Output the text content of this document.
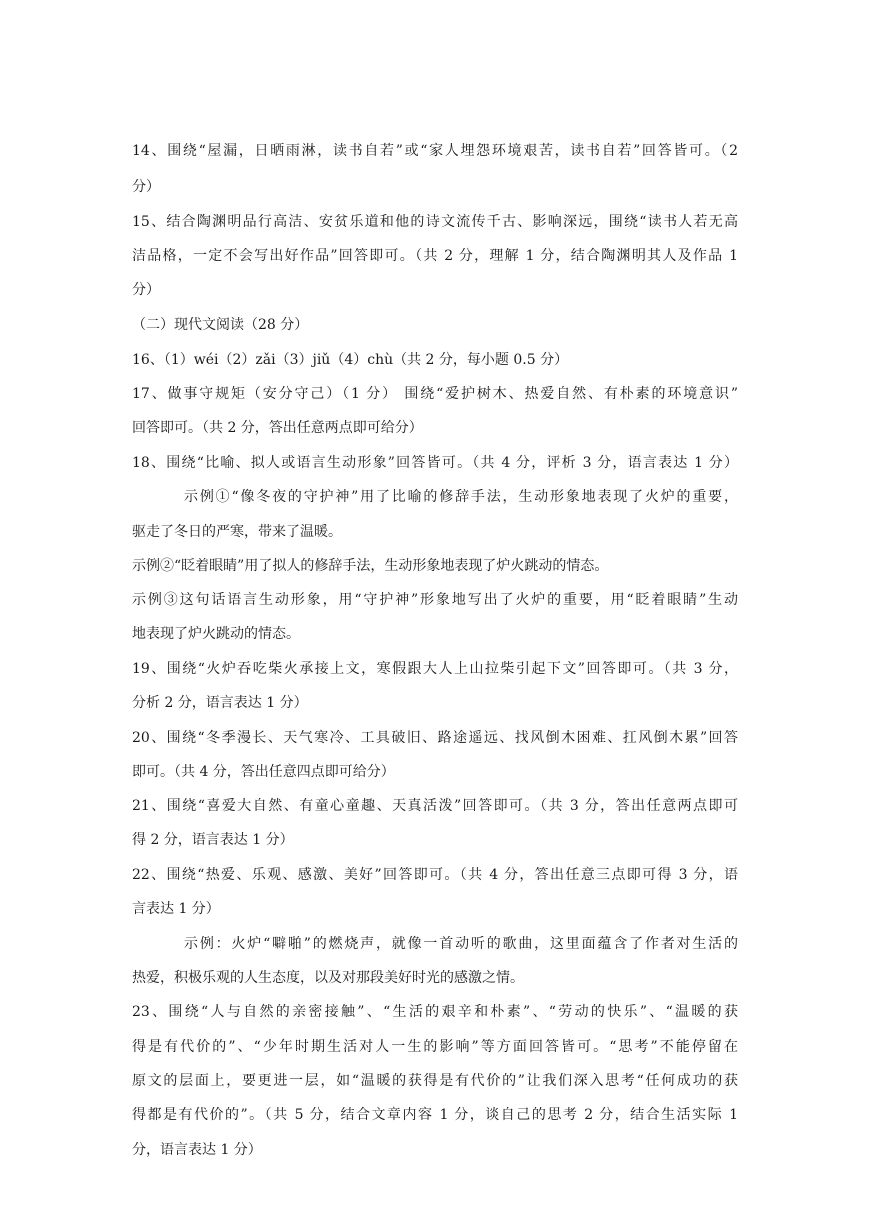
14、围绕“屋漏，日晒雨淋，读书自若”或“家人埋怨环境艰苦，读书自若”回答皆可。（2
分）
15、结合陶渊明品行高洁、安贫乐道和他的诗文流传千古、影响深远，围绕“读书人若无高
洁品格，一定不会写出好作品”回答即可。（共 2 分，理解 1 分，结合陶渊明其人及作品 1
分）
（二）现代文阅读（28 分）
16、（1）wéi（2）zǎi（3）jiǔ（4）chù（共 2 分，每小题 0.5 分）
17、做事守规矩（安分守己）（1 分） 围绕“爱护树木、热爱自然、有朴素的环境意识”
回答即可。（共 2 分，答出任意两点即可给分）
18、围绕“比喻、拟人或语言生动形象”回答皆可。（共 4 分，评析 3 分，语言表达 1 分）
示例①“像冬夜的守护神”用了比喻的修辞手法，生动形象地表现了火炉的重要，
驱走了冬日的严寒，带来了温暖。
示例②“眨着眼睛”用了拟人的修辞手法，生动形象地表现了炉火跳动的情态。
示例③这句话语言生动形象，用“守护神”形象地写出了火炉的重要，用“眨着眼睛”生动
地表现了炉火跳动的情态。
19、围绕“火炉吞吃柴火承接上文，寒假跟大人上山拉柴引起下文”回答即可。（共 3 分，
分析 2 分，语言表达 1 分）
20、围绕“冬季漫长、天气寒冷、工具破旧、路途遥远、找风倒木困难、扛风倒木累”回答
即可。（共 4 分，答出任意四点即可给分）
21、围绕“喜爱大自然、有童心童趣、天真活泼”回答即可。（共 3 分，答出任意两点即可
得 2 分，语言表达 1 分）
22、围绕“热爱、乐观、感激、美好”回答即可。（共 4 分，答出任意三点即可得 3 分，语
言表达 1 分）
示例：火炉“噼啪”的燃烧声，就像一首动听的歌曲，这里面蕴含了作者对生活的
热爱，积极乐观的人生态度，以及对那段美好时光的感激之情。
23、围绕“人与自然的亲密接触”、“生活的艰辛和朴素”、“劳动的快乐”、“温暖的获
得是有代价的”、“少年时期生活对人一生的影响”等方面回答皆可。“思考”不能停留在
原文的层面上，要更进一层，如“温暖的获得是有代价的”让我们深入思考“任何成功的获
得都是有代价的”。（共 5 分，结合文章内容 1 分，谈自己的思考 2 分，结合生活实际 1
分，语言表达 1 分）
